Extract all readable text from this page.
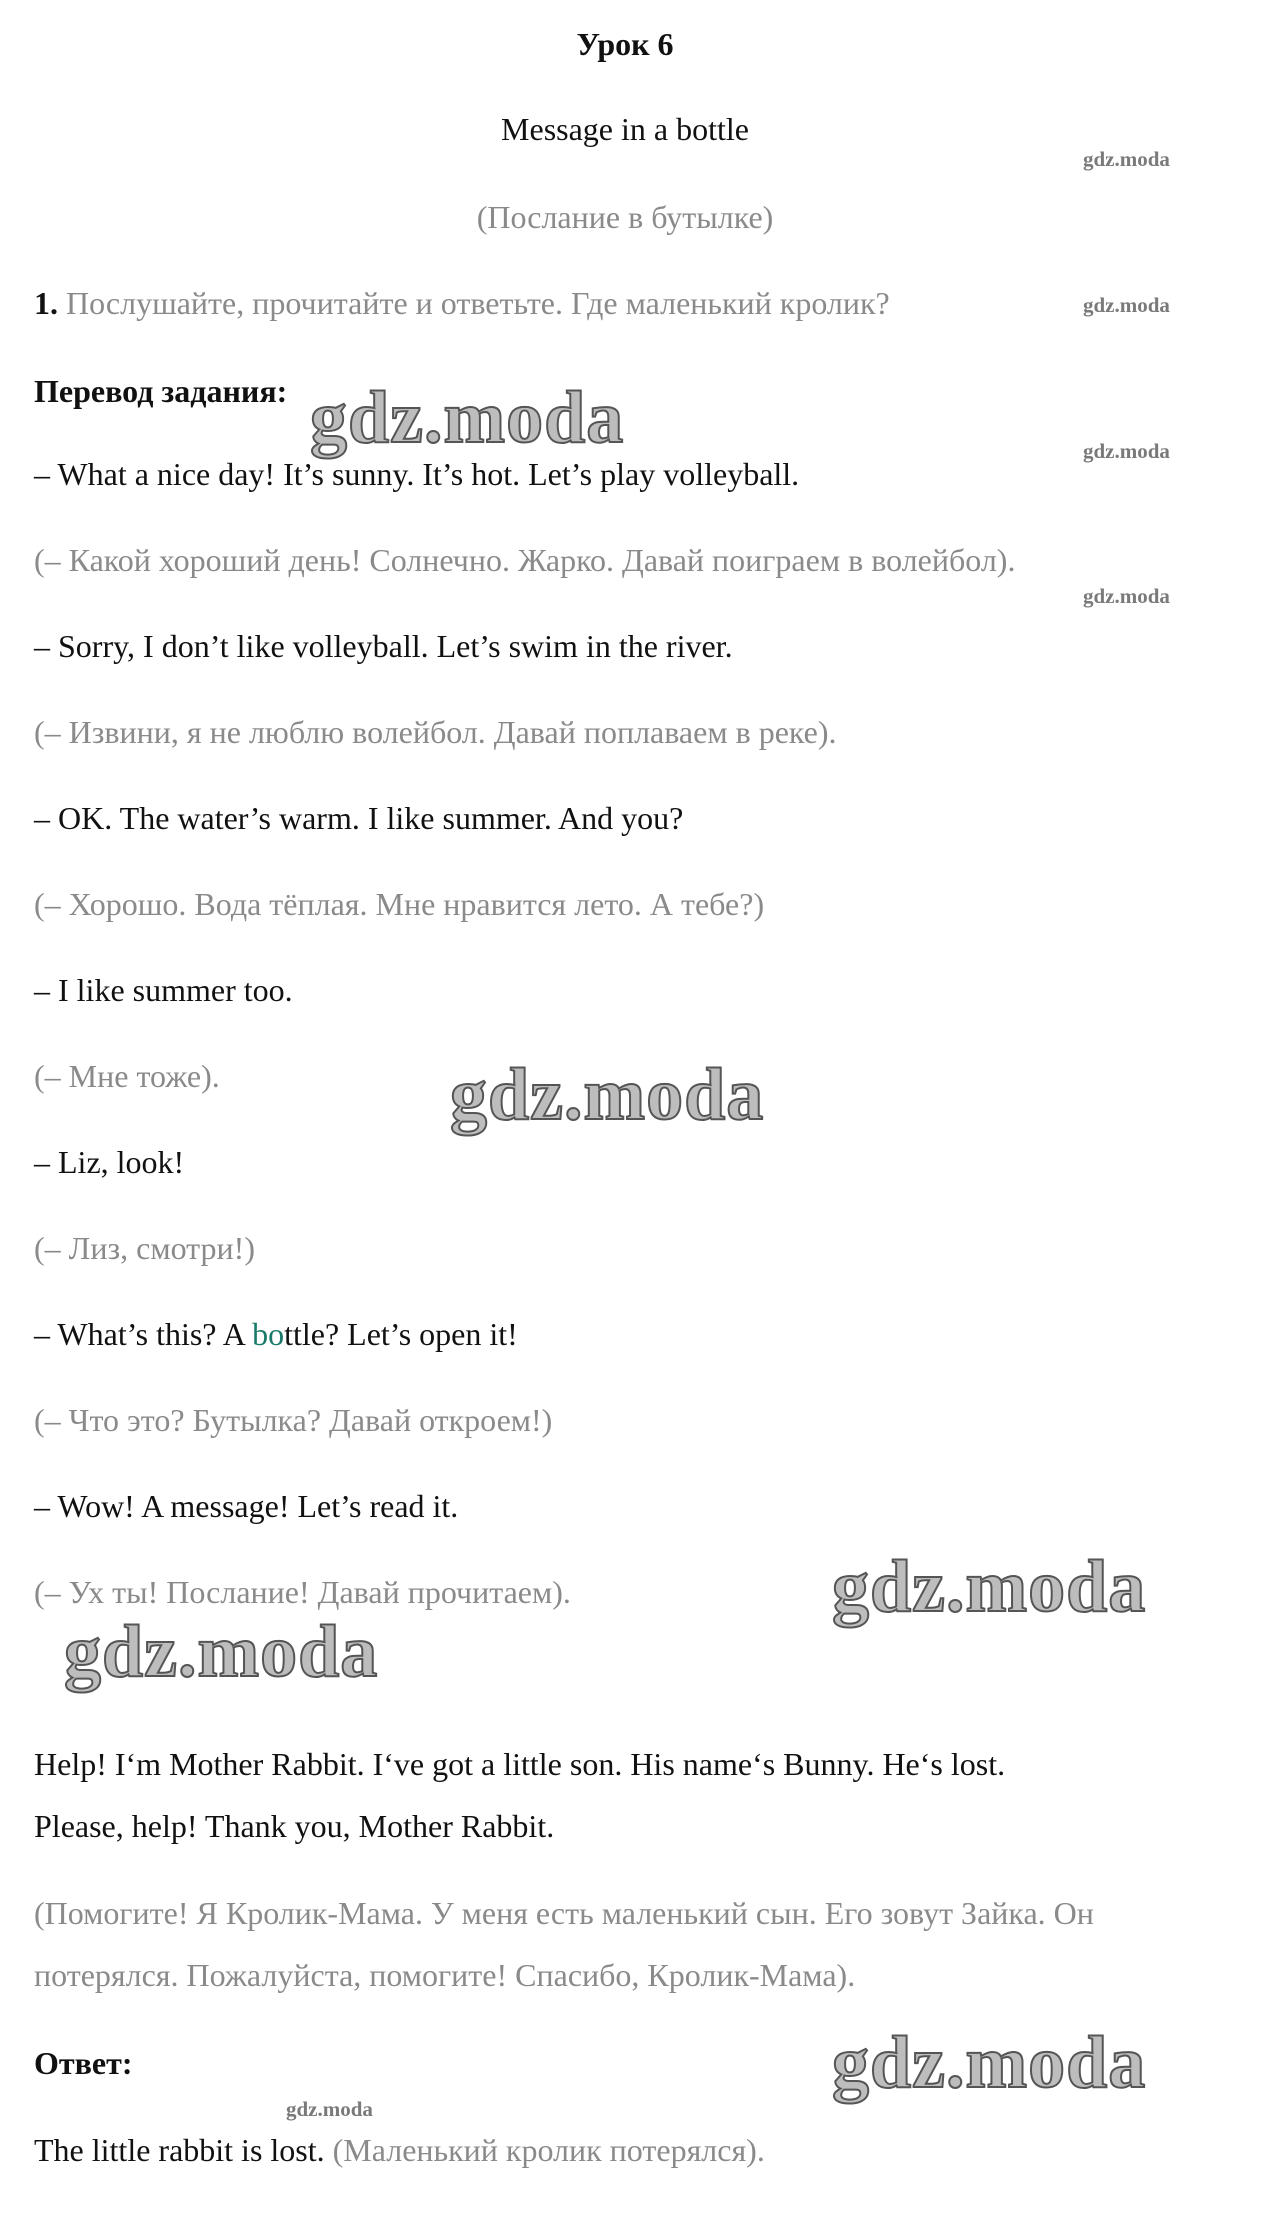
Урок 6
Message in a bottle
(Послание в бутылке)
1. Послушайте, прочитайте и ответьте. Где маленький кролик?
Перевод задания:
– What a nice day! It’s sunny. It’s hot. Let’s play volleyball.
(– Какой хороший день! Солнечно. Жарко. Давай поиграем в волейбол).
– Sorry, I don’t like volleyball. Let’s swim in the river.
(– Извини, я не люблю волейбол. Давай поплаваем в реке).
– OK. The water’s warm. I like summer. And you?
(– Хорошо. Вода тёплая. Мне нравится лето. А тебе?)
– I like summer too.
(– Мне тоже).
– Liz, look!
(– Лиз, смотри!)
– What’s this? A bottle? Let’s open it!
(– Что это? Бутылка? Давай откроем!)
– Wow! A message! Let’s read it.
(– Ух ты! Послание! Давай прочитаем).
Help! I‘m Mother Rabbit. I‘ve got a little son. His name‘s Bunny. He‘s lost.
Please, help! Thank you, Mother Rabbit.
(Помогите! Я Кролик-Мама. У меня есть маленький сын. Его зовут Зайка. Он
потерялся. Пожалуйста, помогите! Спасибо, Кролик-Мама).
Ответ:
The little rabbit is lost. (Маленький кролик потерялся).
gdz.moda
gdz.moda
gdz.moda
gdz.moda
gdz.moda
gdz.moda
gdz.moda
gdz.moda
gdz.moda
gdz.moda
